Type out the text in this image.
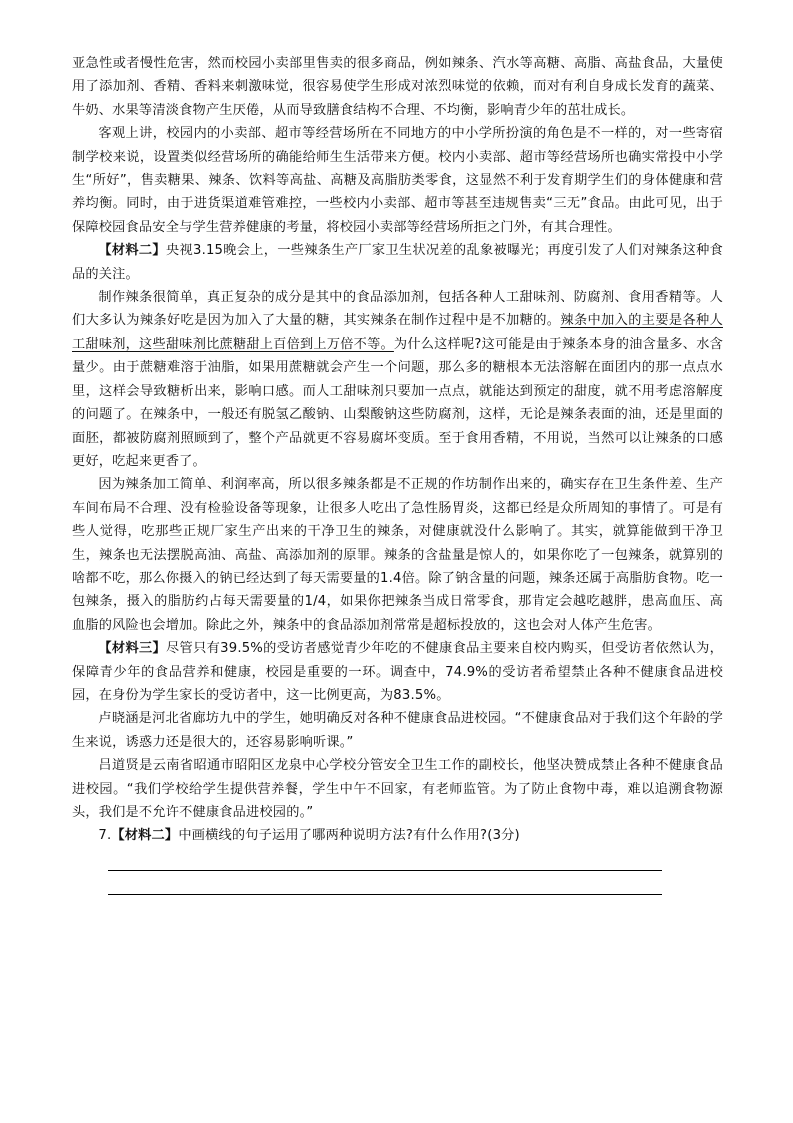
亚急性或者慢性危害，然而校园小卖部里售卖的很多商品，例如辣条、汽水等高糖、高脂、高盐食品，大量使用了添加剂、香精、香料来刺激味觉，很容易使学生形成对浓烈味觉的依赖，而对有利自身成长发育的蔬菜、牛奶、水果等清淡食物产生厌倦，从而导致膳食结构不合理、不均衡，影响青少年的茁壮成长。

客观上讲，校园内的小卖部、超市等经营场所在不同地方的中小学所扮演的角色是不一样的，对一些寄宿制学校来说，设置类似经营场所的确能给师生生活带来方便。校内小卖部、超市等经营场所也确实常投中小学生“所好”，售卖糖果、辣条、饮料等高盐、高糖及高脂肪类零食，这显然不利于发育期学生们的身体健康和营养均衡。同时，由于进货渠道难管难控，一些校内小卖部、超市等甚至违规售卖“三无”食品。由此可见，出于保障校园食品安全与学生营养健康的考量，将校园小卖部等经营场所拒之门外，有其合理性。

【材料二】央视3.15晚会上，一些辣条生产厂家卫生状况差的乱象被曝光；再度引发了人们对辣条这种食品的关注。

制作辣条很简单，真正复杂的成分是其中的食品添加剂，包括各种人工甜味剂、防腐剂、食用香精等。人们大多认为辣条好吃是因为加入了大量的糖，其实辣条在制作过程中是不加糖的。辣条中加入的主要是各种人工甜味剂，这些甜味剂比蔗糖甜上百倍到上万倍不等。为什么这样呢?这可能是由于辣条本身的油含量多、水含量少。由于蔗糖难溶于油脂，如果用蔗糖就会产生一个问题，那么多的糖根本无法溶解在面团内的那一点点水里，这样会导致糖析出来，影响口感。而人工甜味剂只要加一点点，就能达到预定的甜度，就不用考虑溶解度的问题了。在辣条中，一般还有脱氢乙酸钠、山梨酸钠这些防腐剂，这样，无论是辣条表面的油，还是里面的面胚，都被防腐剂照顾到了，整个产品就更不容易腐坏变质。至于食用香精，不用说，当然可以让辣条的口感更好，吃起来更香了。

因为辣条加工简单、利润率高，所以很多辣条都是不正规的作坊制作出来的，确实存在卫生条件差、生产车间布局不合理、没有检验设备等现象，让很多人吃出了急性肠胃炎，这都已经是众所周知的事情了。可是有些人觉得，吃那些正规厂家生产出来的干净卫生的辣条，对健康就没什么影响了。其实，就算能做到干净卫生，辣条也无法摆脱高油、高盐、高添加剂的原罪。辣条的含盐量是惊人的，如果你吃了一包辣条，就算别的啥都不吃，那么你摄入的钠已经达到了每天需要量的1.4倍。除了钠含量的问题，辣条还属于高脂肪食物。吃一包辣条，摄入的脂肪约占每天需要量的1/4，如果你把辣条当成日常零食，那肯定会越吃越胖，患高血压、高血脂的风险也会增加。除此之外，辣条中的食品添加剂常常是超标投放的，这也会对人体产生危害。

【材料三】尽管只有39.5%的受访者感觉青少年吃的不健康食品主要来自校内购买，但受访者依然认为，保障青少年的食品营养和健康，校园是重要的一环。调查中，74.9%的受访者希望禁止各种不健康食品进校园，在身份为学生家长的受访者中，这一比例更高，为83.5%。

卢晓涵是河北省廊坊九中的学生，她明确反对各种不健康食品进校园。“不健康食品对于我们这个年龄的学生来说，诱惑力还是很大的，还容易影响听课。”

吕道贤是云南省昭通市昭阳区龙泉中心学校分管安全卫生工作的副校长，他坚决赞成禁止各种不健康食品进校园。“我们学校给学生提供营养餐，学生中午不回家，有老师监管。为了防止食物中毒，难以追溯食物源头，我们是不允许不健康食品进校园的。”

7.【材料二】中画横线的句子运用了哪两种说明方法?有什么作用?(3分)
